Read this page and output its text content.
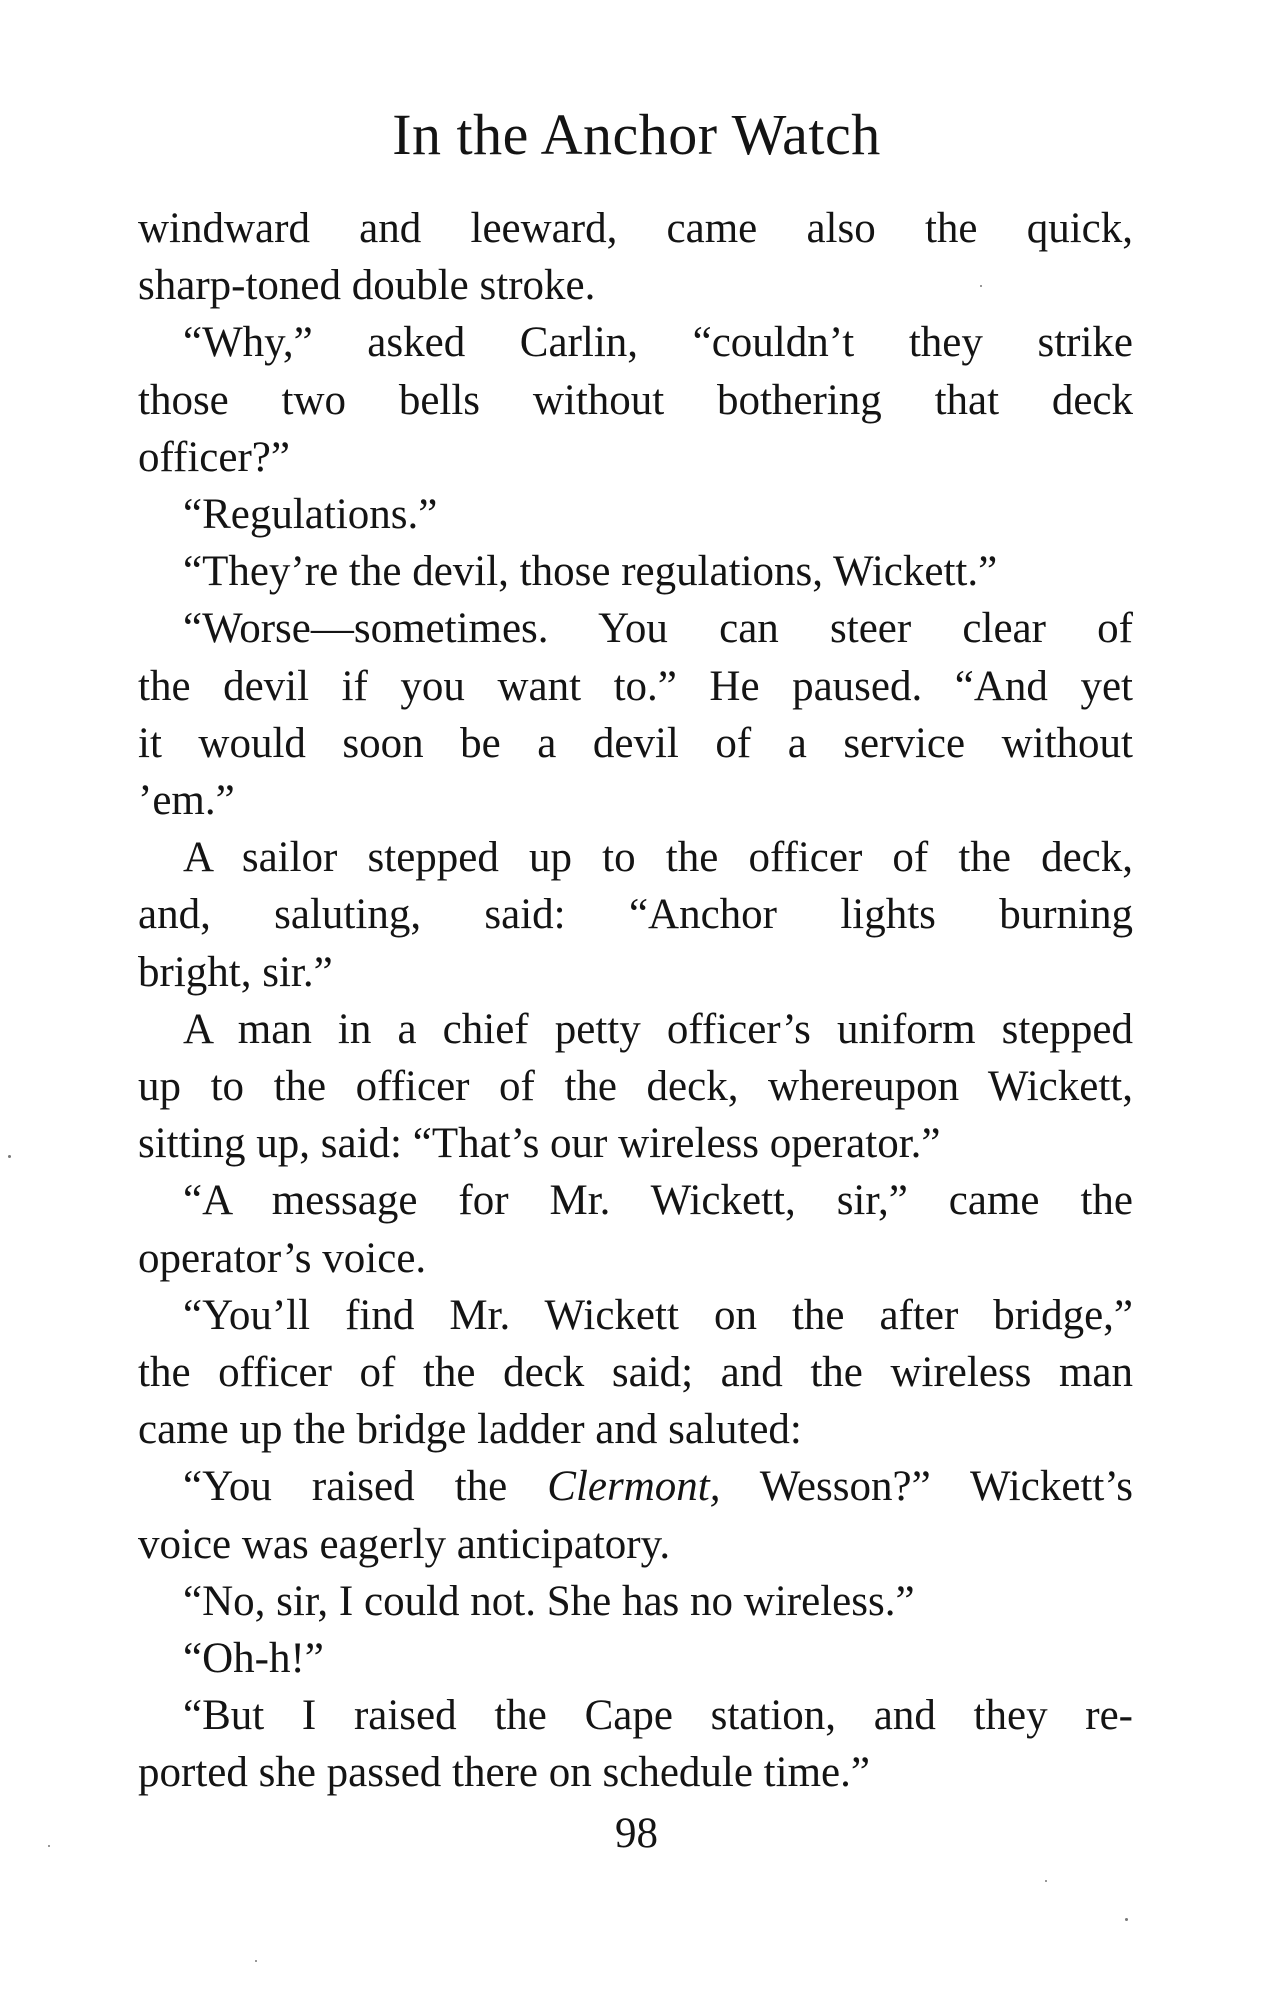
In the Anchor Watch

windward and leeward, came also the quick,
sharp-toned double stroke.

“Why,” asked Carlin, “couldn’t they strike
those two bells without bothering that deck
officer?”

“Regulations.”

“They’re the devil, those regulations, Wickett.”

“Worse—sometimes. You can steer clear of
the devil if you want to.” He paused. “And yet
it would soon be a devil of a service without
’em.”

A sailor stepped up to the officer of the deck,
and, saluting, said: “Anchor lights burning
bright, sir.”

A man in a chief petty officer’s uniform stepped
up to the officer of the deck, whereupon Wickett,
sitting up, said: “That’s our wireless operator.”

“A message for Mr. Wickett, sir,” came the
operator’s voice.

“You’ll find Mr. Wickett on the after bridge,”
the officer of the deck said; and the wireless man
came up the bridge ladder and saluted:

“You raised the Clermont, Wesson?” Wickett’s
voice was eagerly anticipatory.

“No, sir, I could not. She has no wireless.”

“Oh-h!”

“But I raised the Cape station, and they re-
ported she passed there on schedule time.”

98
